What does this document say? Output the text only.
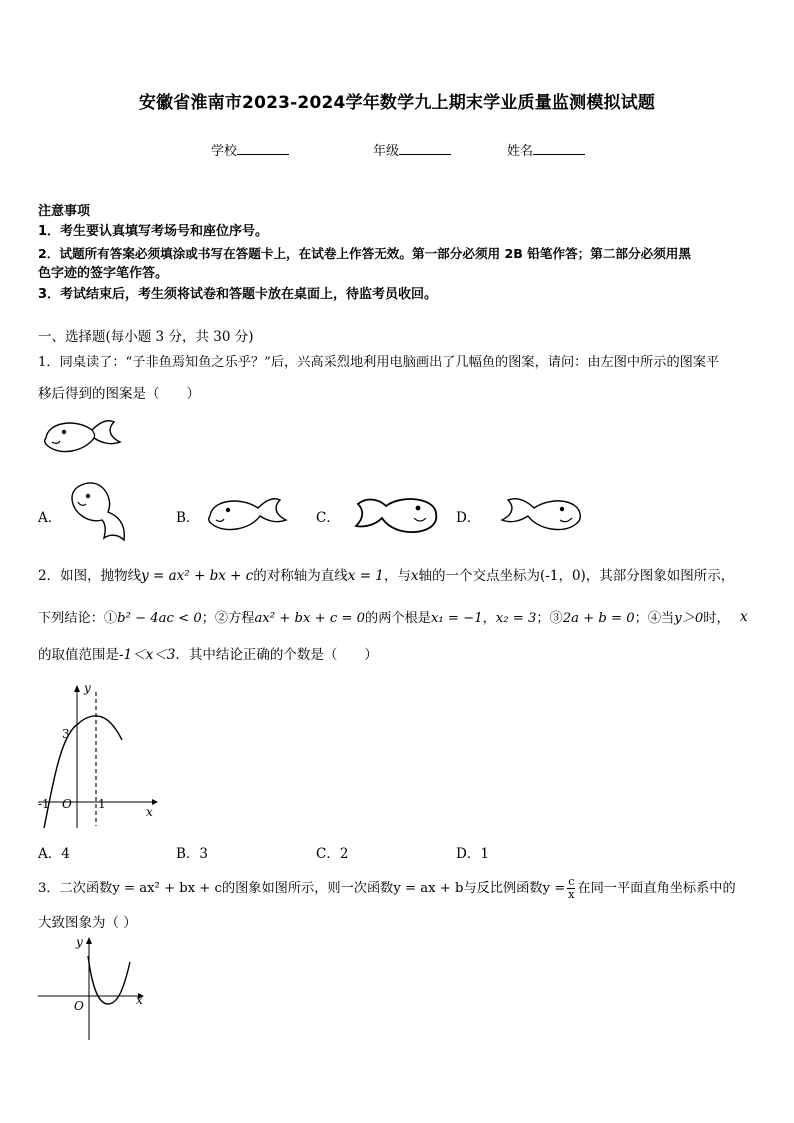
安徽省淮南市2023-2024学年数学九上期末学业质量监测模拟试题
学校	年级	姓名
注意事项
1．考生要认真填写考场号和座位序号。
2．试题所有答案必须填涂或书写在答题卡上，在试卷上作答无效。第一部分必须用 2B 铅笔作答；第二部分必须用黑
色字迹的签字笔作答。
3．考试结束后，考生须将试卷和答题卡放在桌面上，待监考员收回。
一、选择题(每小题 3 分，共 30 分)
1．同桌读了：“子非鱼焉知鱼之乐乎？”后，兴高采烈地利用电脑画出了几幅鱼的图案，请问：由左图中所示的图案平
移后得到的图案是（　　）
A．	B．	C．	D．
2．如图，抛物线y = ax² + bx + c的对称轴为直线x = 1，与x轴的一个交点坐标为(-1，0)，其部分图象如图所示，
下列结论：①b² − 4ac < 0；②方程ax² + bx + c = 0的两个根是x₁ = −1，x₂ = 3；③2a + b = 0；④当y＞0时， x
的取值范围是-1＜x＜3．其中结论正确的个数是（　　）
y
x
3
-1 O 1
A．4	B．3	C．2	D．1
3．二次函数y = ax² + bx + c的图象如图所示，则一次函数y = ax + b与反比例函数$y = \frac{c}{x}$ 在同一平面直角坐标系中的
大致图象为（ ）
y
x
O
